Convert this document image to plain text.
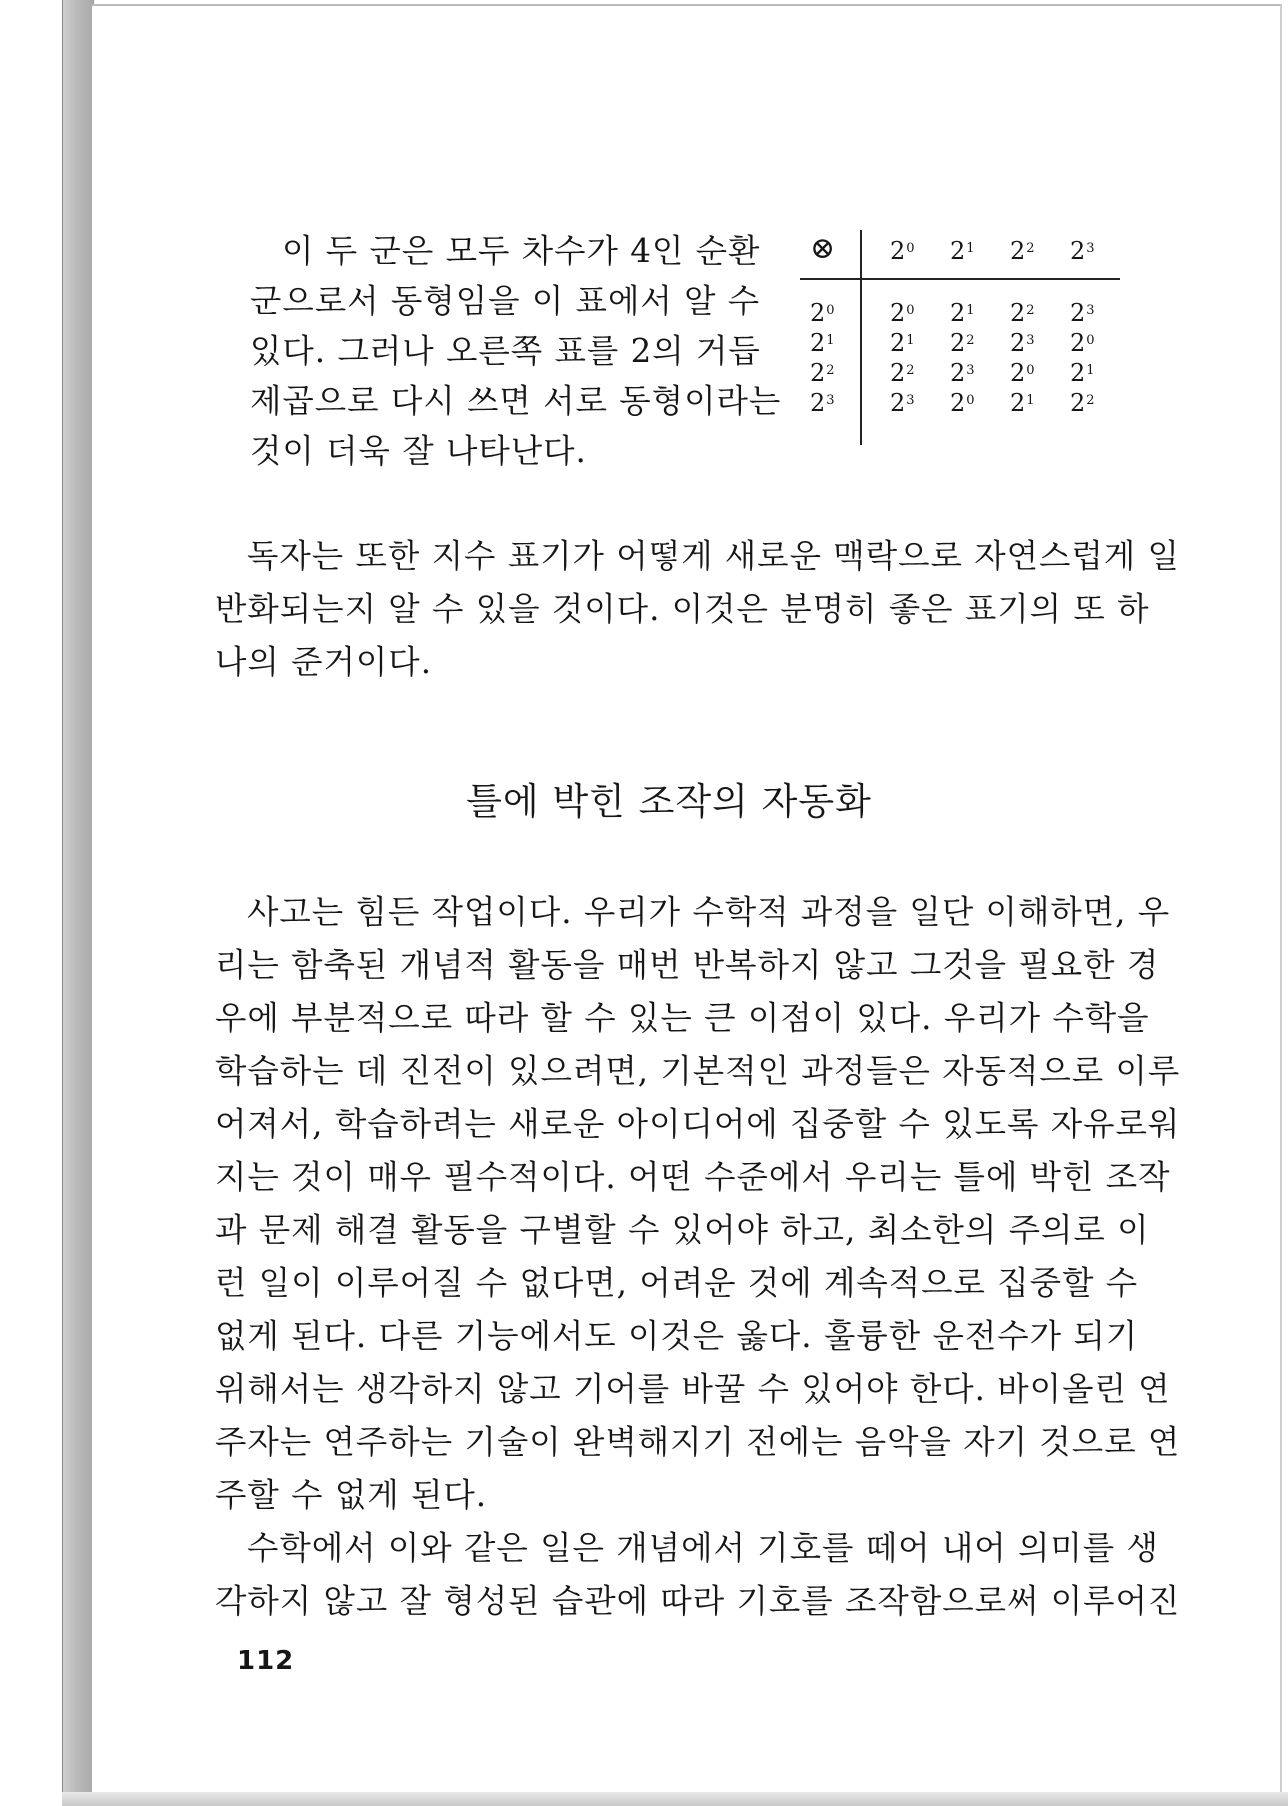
이 두 군은 모두 차수가 4인 순환
군으로서 동형임을 이 표에서 알 수
있다. 그러나 오른쪽 표를 2의 거듭
제곱으로 다시 쓰면 서로 동형이라는
것이 더욱 잘 나타난다.
⊗ $2^0$ $2^1$ $2^2$ $2^3$
$2^0$ $2^0$ $2^1$ $2^2$ $2^3$
$2^1$ $2^1$ $2^2$ $2^3$ $2^0$
$2^2$ $2^2$ $2^3$ $2^0$ $2^1$
$2^3$ $2^3$ $2^0$ $2^1$ $2^2$
독자는 또한 지수 표기가 어떻게 새로운 맥락으로 자연스럽게 일
반화되는지 알 수 있을 것이다. 이것은 분명히 좋은 표기의 또 하
나의 준거이다.
틀에 박힌 조작의 자동화
사고는 힘든 작업이다. 우리가 수학적 과정을 일단 이해하면, 우
리는 함축된 개념적 활동을 매번 반복하지 않고 그것을 필요한 경
우에 부분적으로 따라 할 수 있는 큰 이점이 있다. 우리가 수학을
학습하는 데 진전이 있으려면, 기본적인 과정들은 자동적으로 이루
어져서, 학습하려는 새로운 아이디어에 집중할 수 있도록 자유로워
지는 것이 매우 필수적이다. 어떤 수준에서 우리는 틀에 박힌 조작
과 문제 해결 활동을 구별할 수 있어야 하고, 최소한의 주의로 이
런 일이 이루어질 수 없다면, 어려운 것에 계속적으로 집중할 수
없게 된다. 다른 기능에서도 이것은 옳다. 훌륭한 운전수가 되기
위해서는 생각하지 않고 기어를 바꿀 수 있어야 한다. 바이올린 연
주자는 연주하는 기술이 완벽해지기 전에는 음악을 자기 것으로 연
주할 수 없게 된다.
수학에서 이와 같은 일은 개념에서 기호를 떼어 내어 의미를 생
각하지 않고 잘 형성된 습관에 따라 기호를 조작함으로써 이루어진
112
